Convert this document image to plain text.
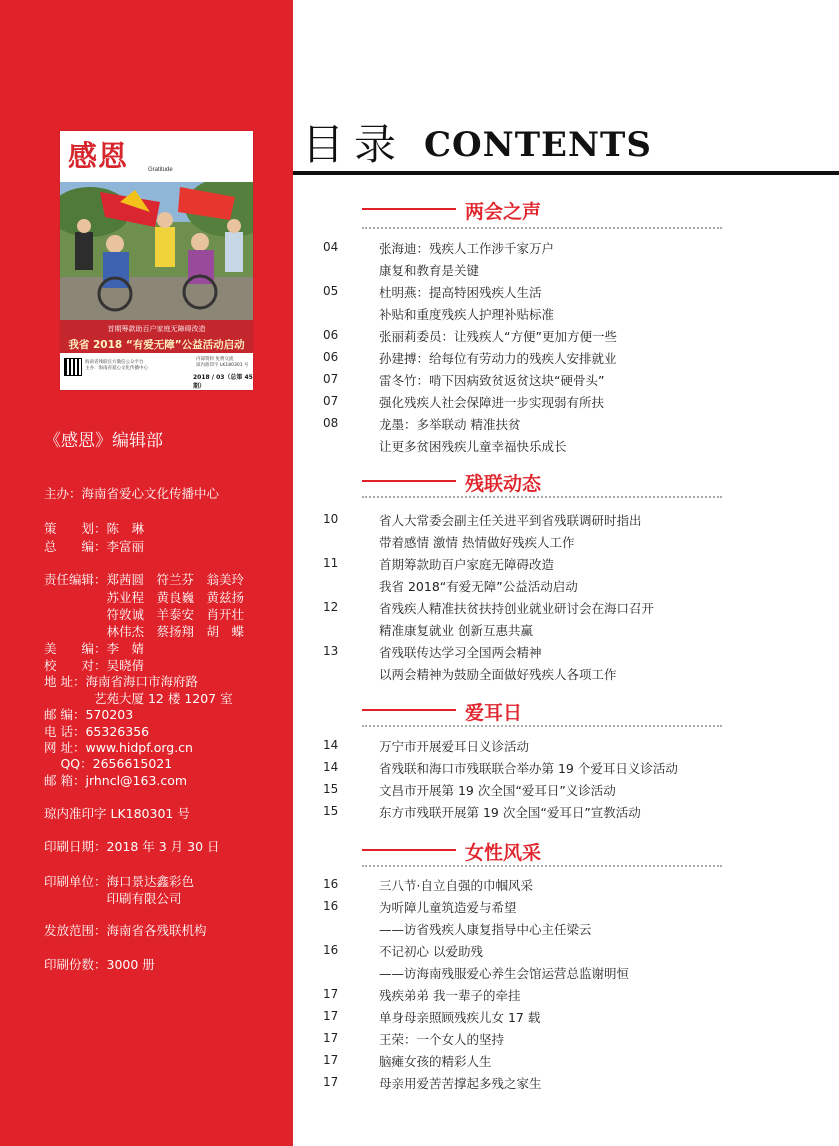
感恩	Gratitude
首期筹款助百户家庭无障碍改造
我省 2018 “有爱无障”公益活动启动
海南省残联官方微信公众平台
主办：海南省爱心文化传播中心
内部资料 免费交流
琼内准印字 LK180301 号
2018 / 03（总第 45 期）
《感恩》编辑部
主办：海南省爱心文化传播中心
策　　划：陈　琳
总　　编：李富丽
责任编辑：郑茜圆　符兰芬　翁美玲
　　　　　苏业程　黄良巍　黄兹扬
　　　　　符敦诚　羊泰安　肖开壮
　　　　　林伟杰　蔡扬翔　胡　蝶
美　　编：李　婧
校　　对：吴晓倩
地 址：海南省海口市海府路
　　　　艺苑大厦 12 楼 1207 室
邮 编：570203
电 话：65326356
网 址：www.hidpf.org.cn
　 QQ：2656615021
邮 箱：jrhncl@163.com
琼内准印字 LK180301 号
印刷日期：2018 年 3 月 30 日
印刷单位：海口景达鑫彩色
　　　　　印刷有限公司
发放范围：海南省各残联机构
印刷份数：3000 册
目录 CONTENTS
两会之声
04	张海迪：残疾人工作涉千家万户
康复和教育是关键
05	杜明燕：提高特困残疾人生活
补贴和重度残疾人护理补贴标准
06	张丽莉委员：让残疾人“方便”更加方便一些
06	孙建搏：给每位有劳动力的残疾人安排就业
07	雷冬竹：啃下因病致贫返贫这块“硬骨头”
07	强化残疾人社会保障进一步实现弱有所扶
08	龙墨：多举联动 精准扶贫
让更多贫困残疾儿童幸福快乐成长
残联动态
10	省人大常委会副主任关进平到省残联调研时指出
带着感情 激情 热情做好残疾人工作
11	首期筹款助百户家庭无障碍改造
我省 2018“有爱无障”公益活动启动
12	省残疾人精准扶贫扶持创业就业研讨会在海口召开
精准康复就业 创新互惠共赢
13	省残联传达学习全国两会精神
以两会精神为鼓励全面做好残疾人各项工作
爱耳日
14	万宁市开展爱耳日义诊活动
14	省残联和海口市残联联合举办第 19 个爱耳日义诊活动
15	文昌市开展第 19 次全国“爱耳日”义诊活动
15	东方市残联开展第 19 次全国“爱耳日”宣教活动
女性风采
16	三八节·自立自强的巾帼风采
16	为听障儿童筑造爱与希望
——访省残疾人康复指导中心主任梁云
16	不记初心 以爱助残
——访海南残服爱心养生会馆运营总监谢明恒
17	残疾弟弟 我一辈子的牵挂
17	单身母亲照顾残疾儿女 17 载
17	王荣：一个女人的坚持
17	脑瘫女孩的精彩人生
17	母亲用爱苦苦撑起多残之家生
